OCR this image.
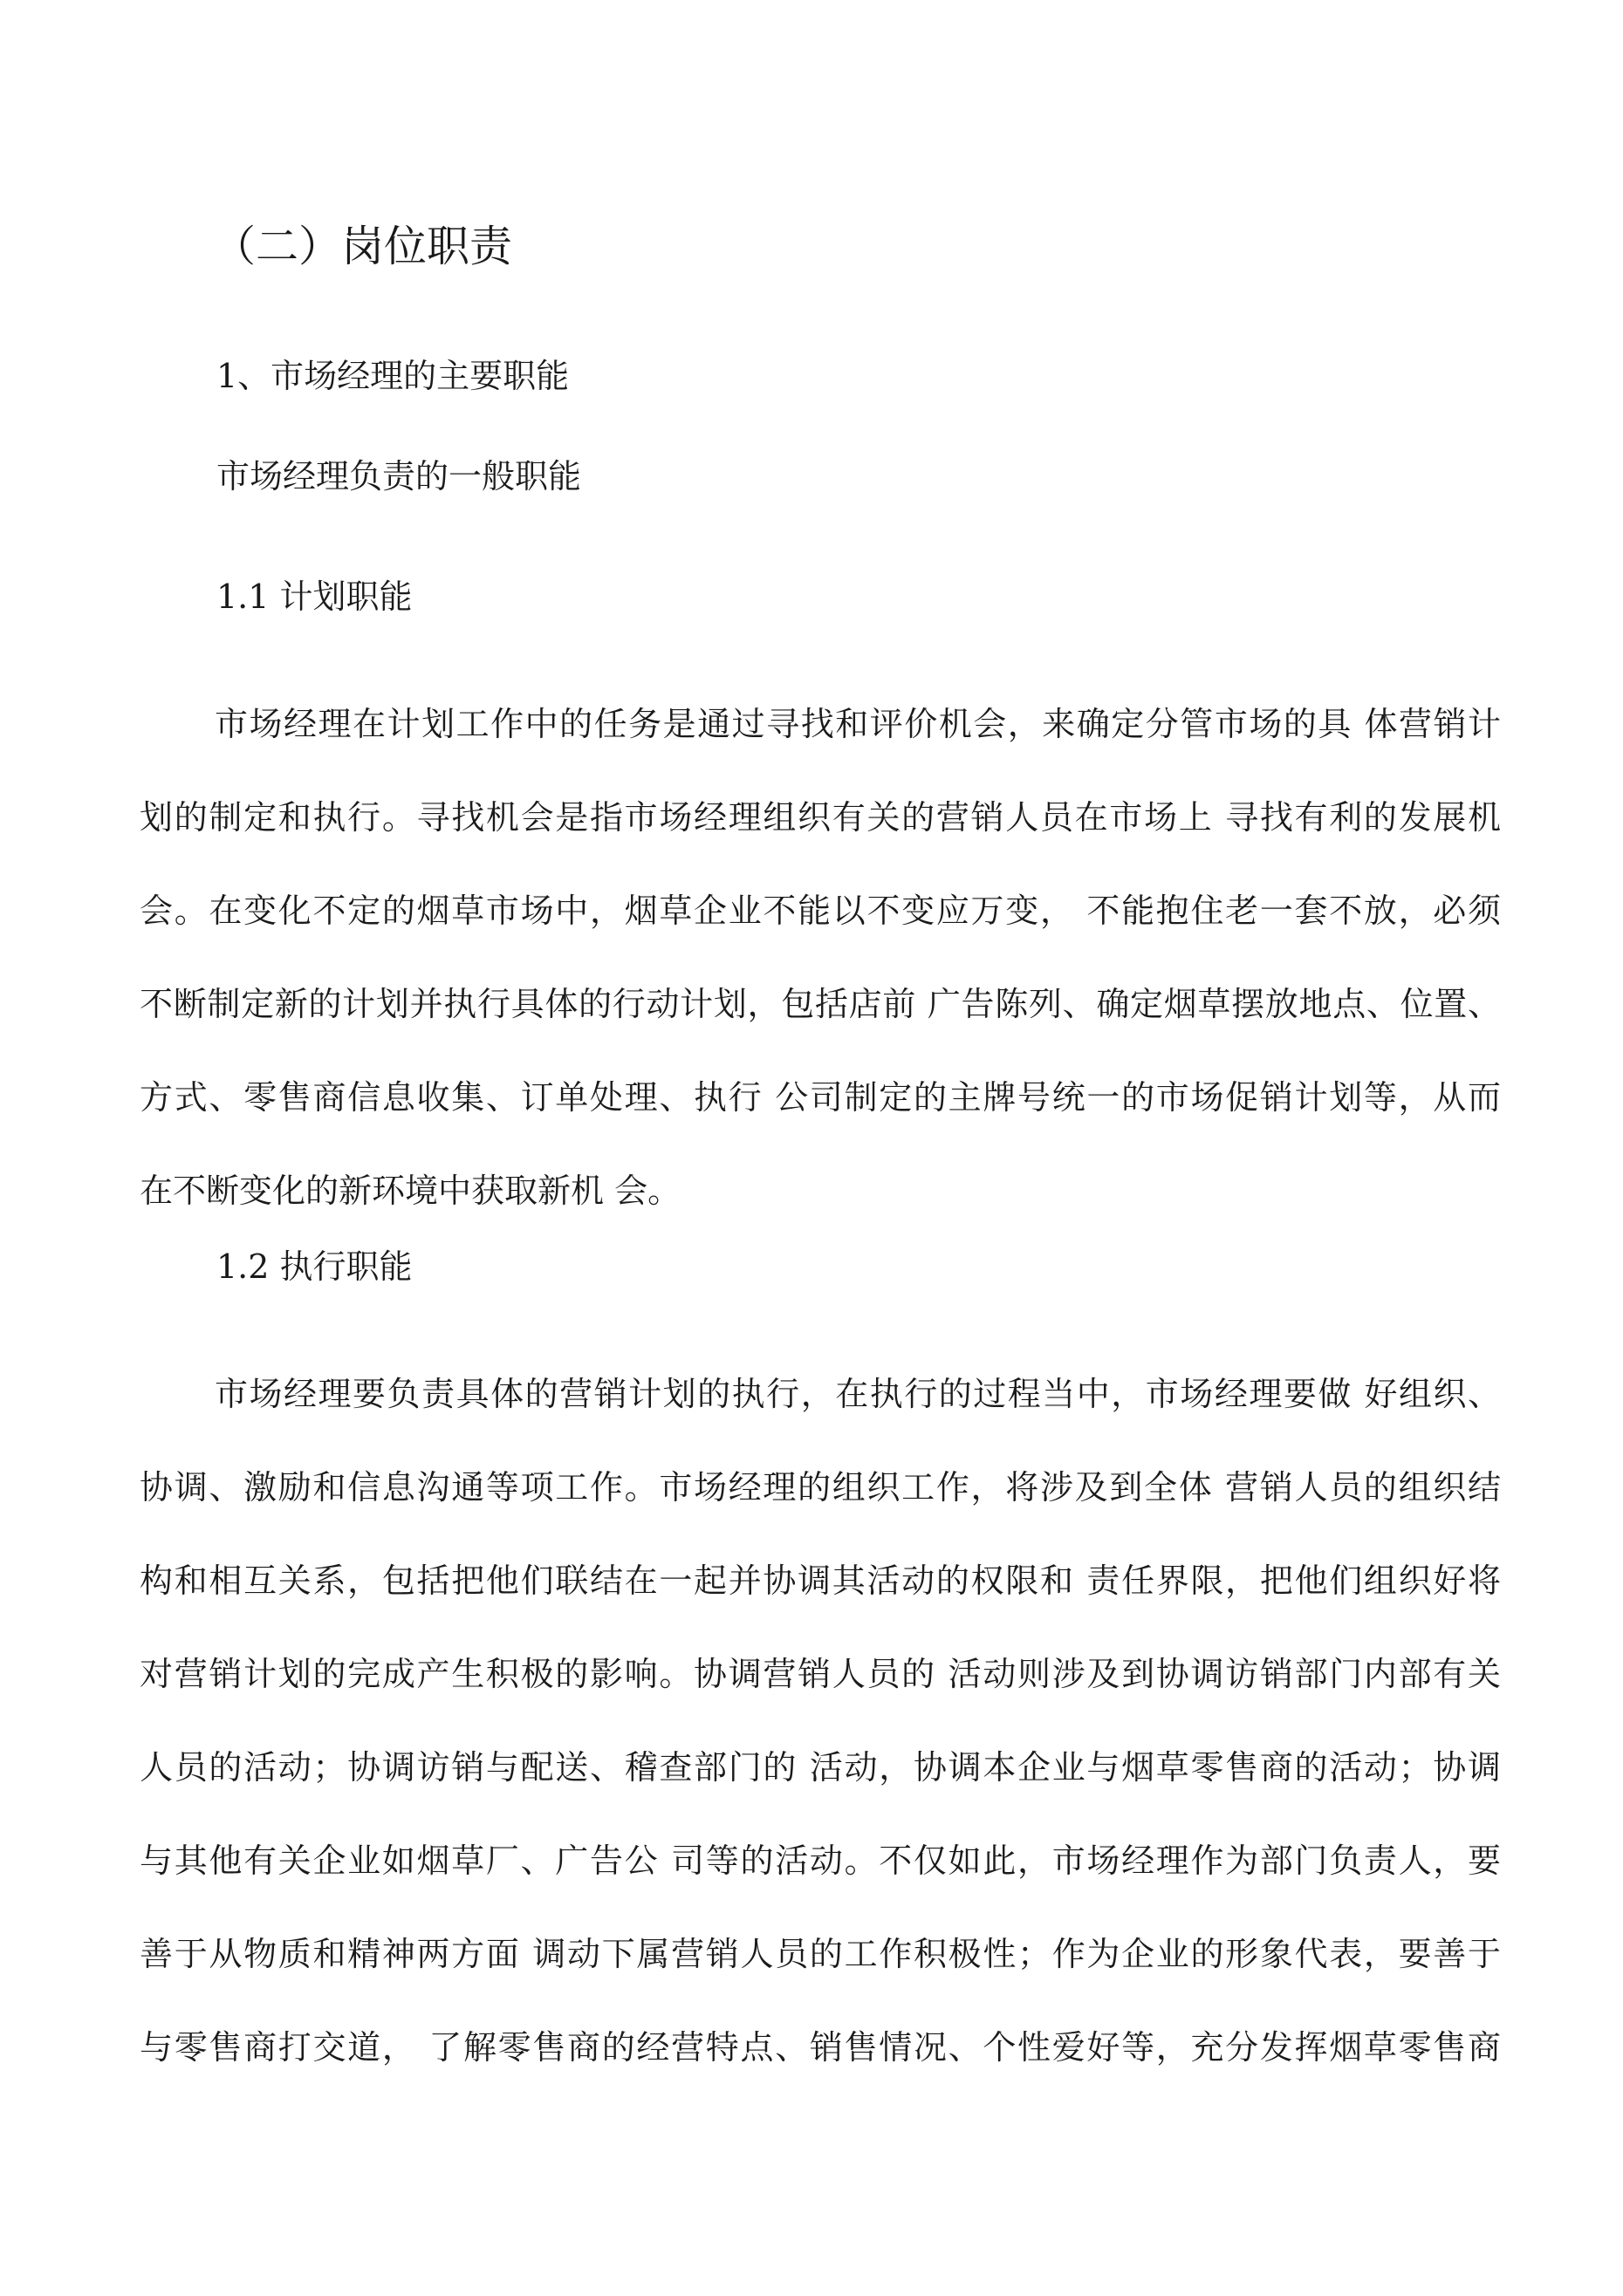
（二）岗位职责

1、市场经理的主要职能

市场经理负责的一般职能

1.1 计划职能

市场经理在计划工作中的任务是通过寻找和评价机会，来确定分管市场的具 体营销计
划的制定和执行。寻找机会是指市场经理组织有关的营销人员在市场上 寻找有利的发展机
会。在变化不定的烟草市场中，烟草企业不能以不变应万变， 不能抱住老一套不放，必须
不断制定新的计划并执行具体的行动计划，包括店前 广告陈列、确定烟草摆放地点、位置、
方式、零售商信息收集、订单处理、执行 公司制定的主牌号统一的市场促销计划等，从而
在不断变化的新环境中获取新机 会。

1.2 执行职能

市场经理要负责具体的营销计划的执行，在执行的过程当中，市场经理要做 好组织、
协调、激励和信息沟通等项工作。市场经理的组织工作，将涉及到全体 营销人员的组织结
构和相互关系，包括把他们联结在一起并协调其活动的权限和 责任界限，把他们组织好将
对营销计划的完成产生积极的影响。协调营销人员的 活动则涉及到协调访销部门内部有关
人员的活动；协调访销与配送、稽查部门的 活动，协调本企业与烟草零售商的活动；协调
与其他有关企业如烟草厂、广告公 司等的活动。不仅如此，市场经理作为部门负责人，要
善于从物质和精神两方面 调动下属营销人员的工作积极性；作为企业的形象代表，要善于
与零售商打交道， 了解零售商的经营特点、销售情况、个性爱好等，充分发挥烟草零售商
